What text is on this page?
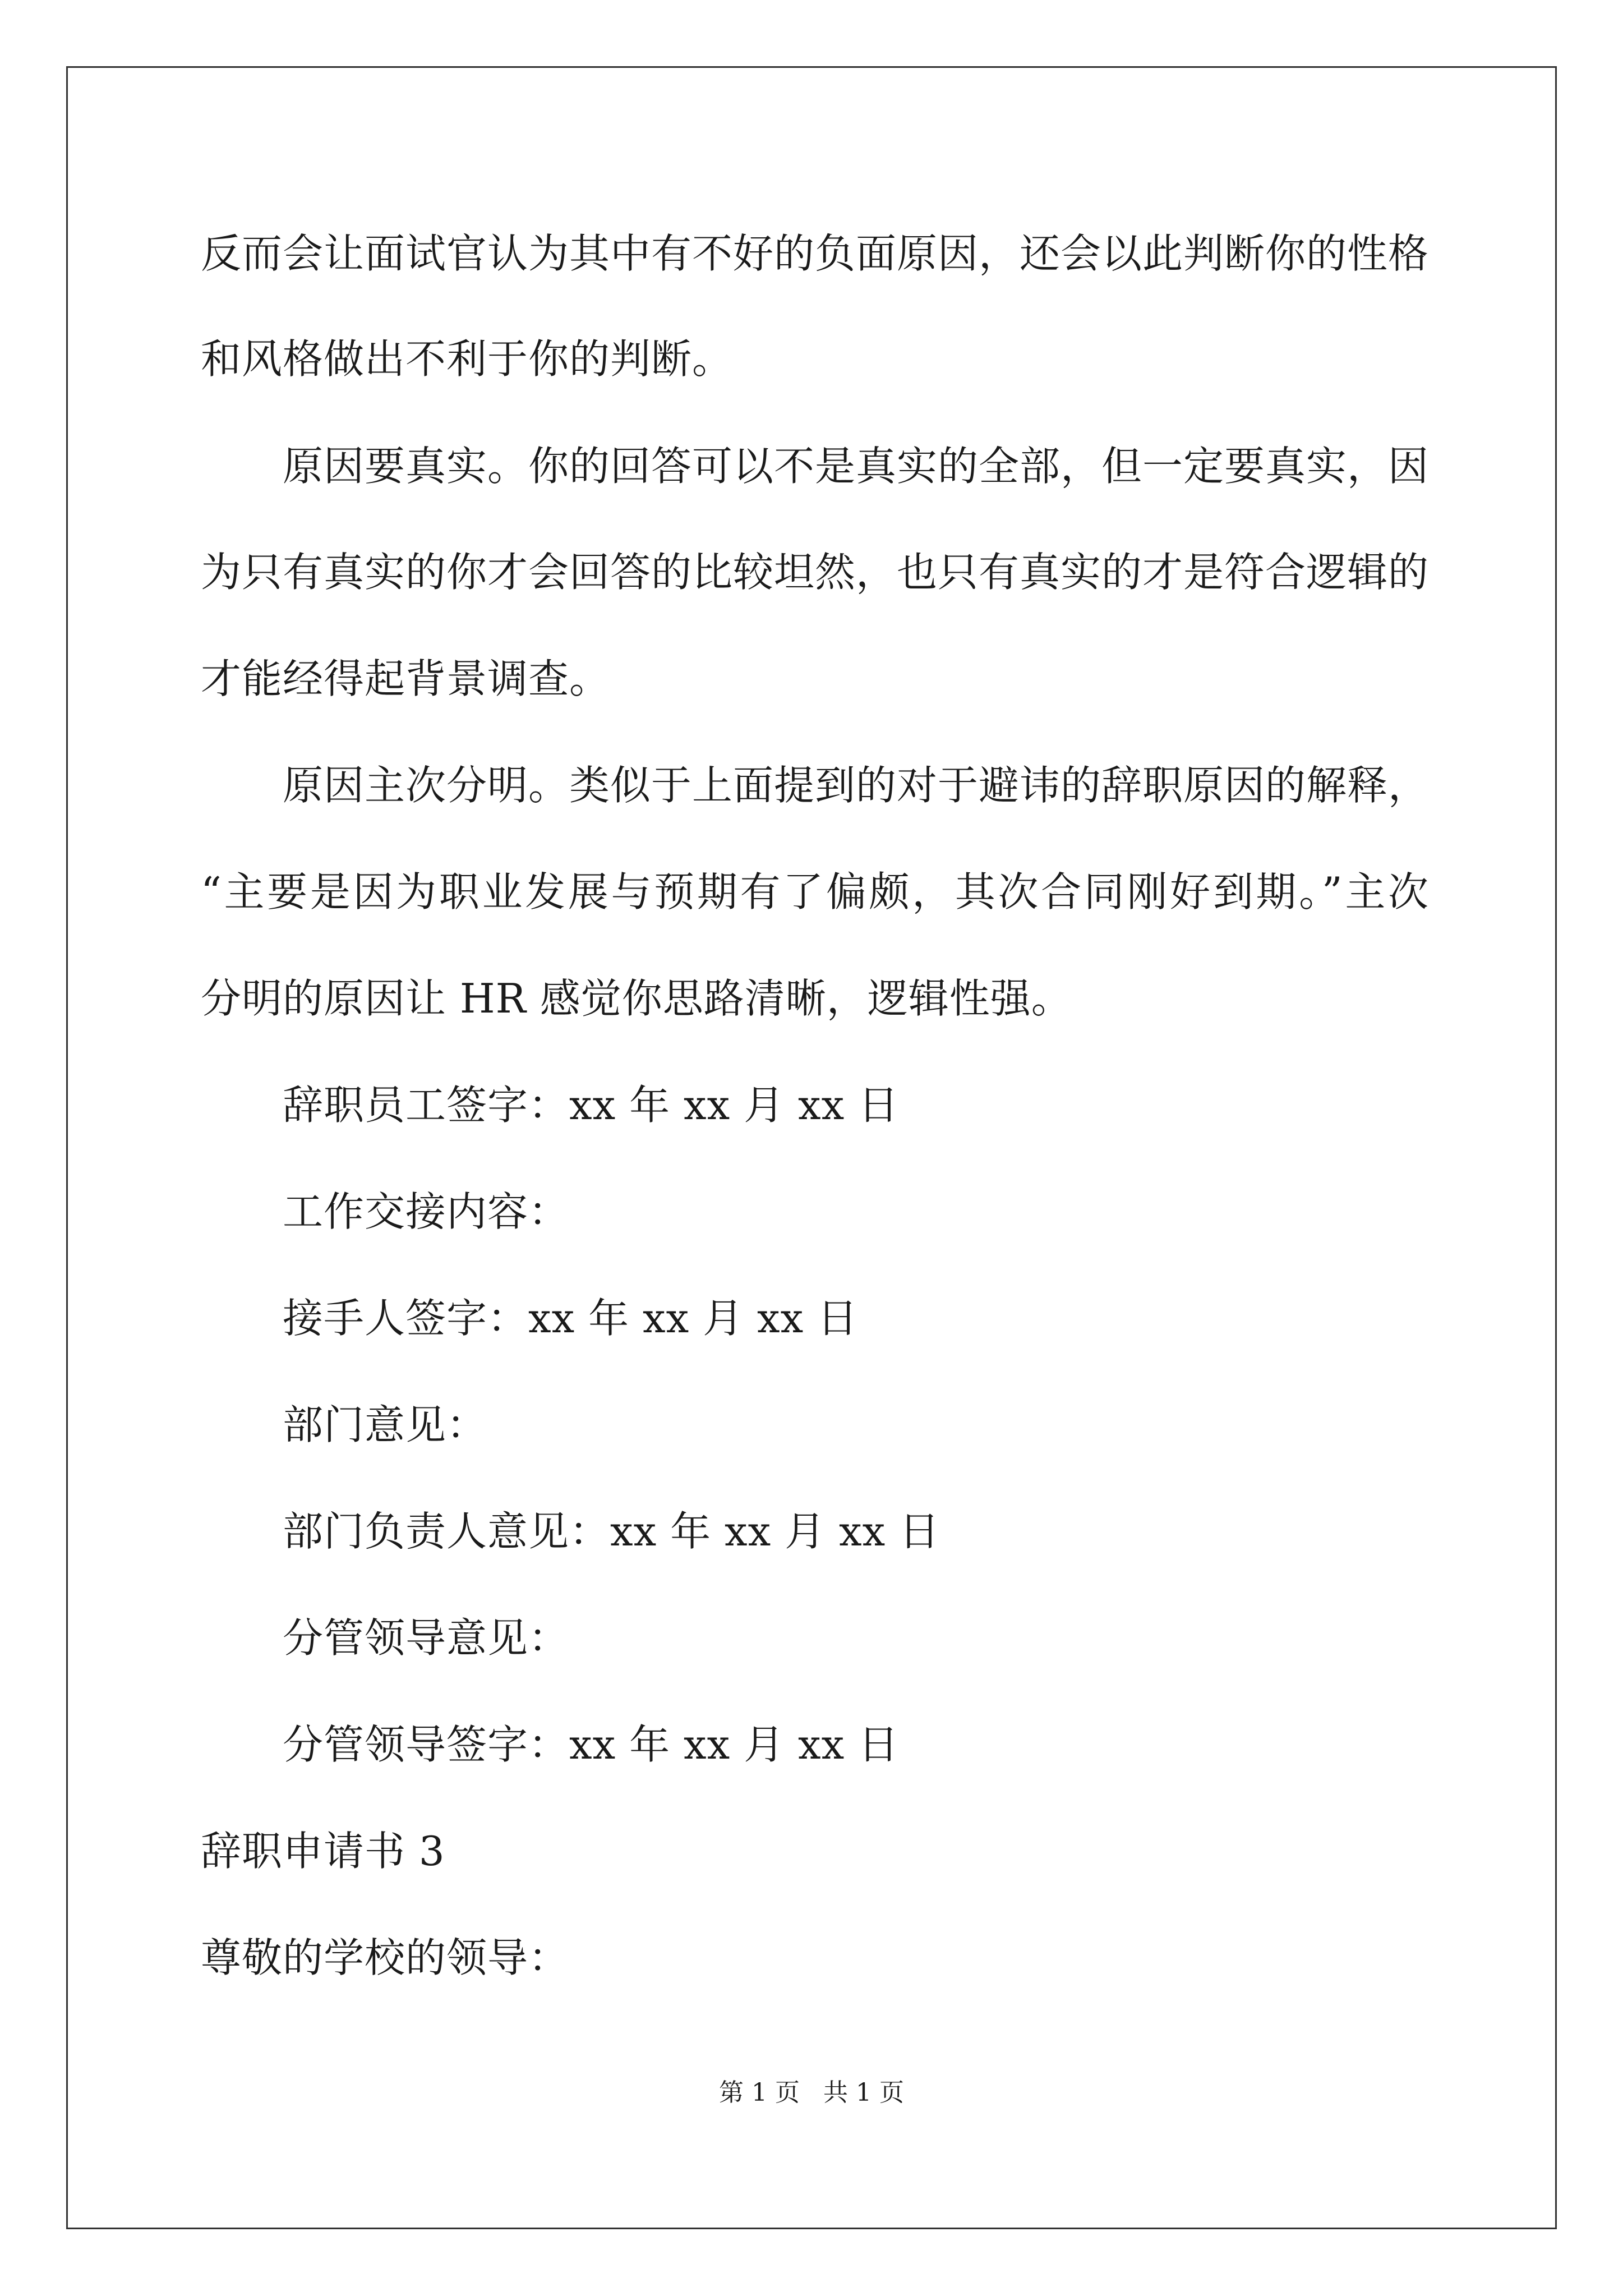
反而会让面试官认为其中有不好的负面原因，还会以此判断你的性格
和风格做出不利于你的判断。
原因要真实。你的回答可以不是真实的全部，但一定要真实，因
为只有真实的你才会回答的比较坦然，也只有真实的才是符合逻辑的
才能经得起背景调查。
原因主次分明。类似于上面提到的对于避讳的辞职原因的解释，
“主要是因为职业发展与预期有了偏颇，其次合同刚好到期。”主次
分明的原因让 HR 感觉你思路清晰，逻辑性强。
辞职员工签字：xx 年 xx 月 xx 日
工作交接内容：
接手人签字：xx 年 xx 月 xx 日
部门意见：
部门负责人意见：xx 年 xx 月 xx 日
分管领导意见：
分管领导签字：xx 年 xx 月 xx 日
辞职申请书 3
尊敬的学校的领导：
第 1 页   共 1 页
